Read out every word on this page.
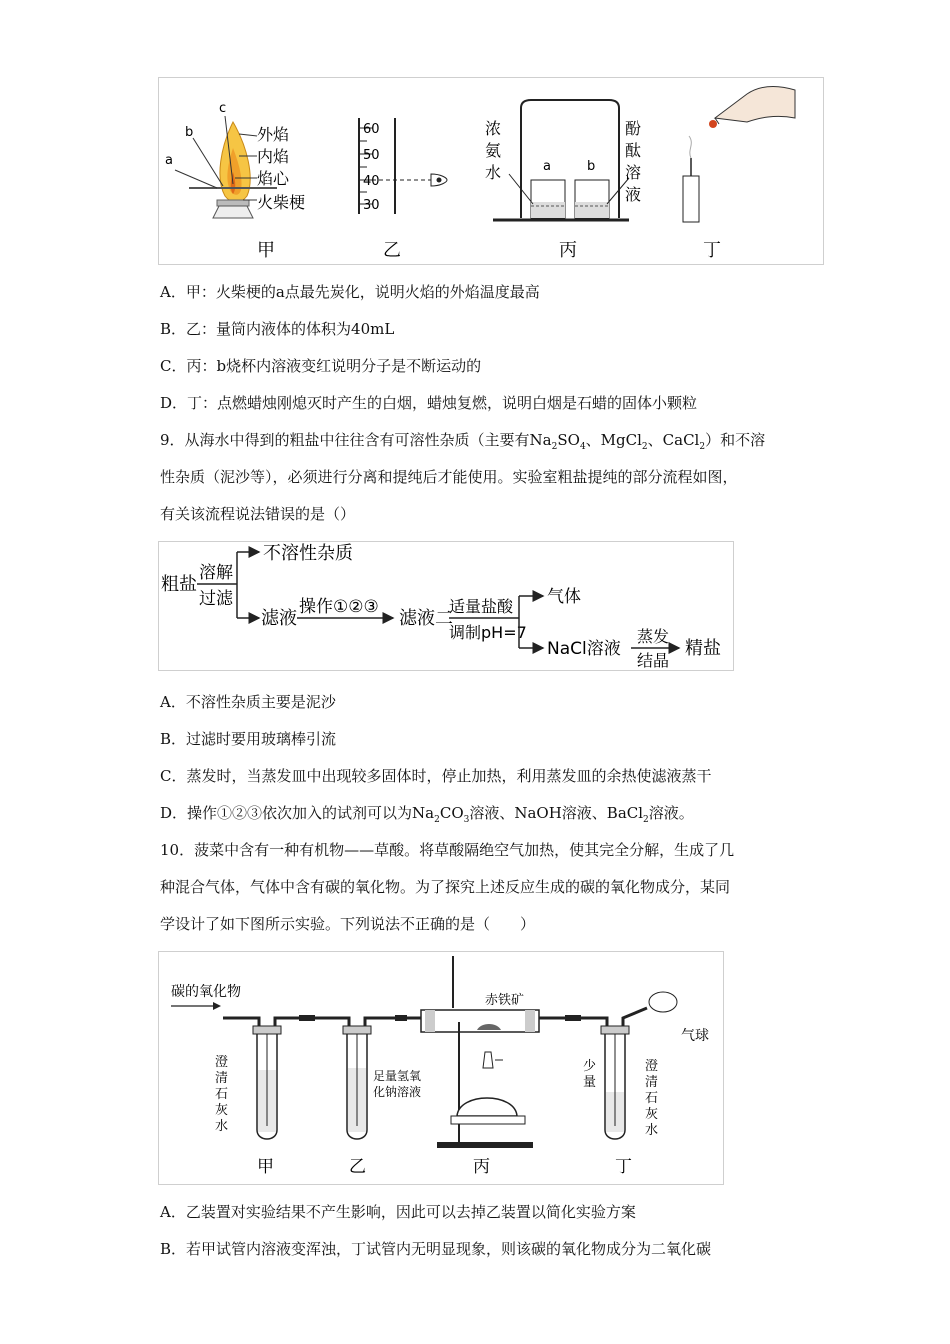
a
b
c
外焰
内焰
焰心
火柴梗
60
50
40
30
浓
氨
水
酚
酞
溶
液
a	b
甲	乙	丙	丁
A．甲：火柴梗的a点最先炭化，说明火焰的外焰温度最高
B．乙：量筒内液体的体积为40mL
C．丙：b烧杯内溶液变红说明分子是不断运动的
D．丁：点燃蜡烛刚熄灭时产生的白烟，蜡烛复燃，说明白烟是石蜡的固体小颗粒
9．从海水中得到的粗盐中往往含有可溶性杂质（主要有$Na_2SO_4$、MgCl$_2$、CaCl$_2$）和不溶
性杂质（泥沙等），必须进行分离和提纯后才能使用。实验室粗盐提纯的部分流程如图，
有关该流程说法错误的是（）
粗盐
溶解
过滤
不溶性杂质
滤液
操作①②③
滤液二
适量盐酸
调制pH=7
气体
NaCl溶液
蒸发
结晶
精盐
A．不溶性杂质主要是泥沙
B．过滤时要用玻璃棒引流
C．蒸发时，当蒸发皿中出现较多固体时，停止加热，利用蒸发皿的余热使滤液蒸干
D．操作①②③依次加入的试剂可以为$Na_2CO_3$溶液、NaOH溶液、BaCl$_2$溶液。
10．菠菜中含有一种有机物——草酸。将草酸隔绝空气加热，使其完全分解，生成了几
种混合气体，气体中含有碳的氧化物。为了探究上述反应生成的碳的氧化物成分，某同
学设计了如下图所示实验。下列说法不正确的是（　　）
碳的氧化物
气球
澄
清
石
灰
水
足 量 氢 氧
化 钠 溶 液
赤铁矿
少
量
澄
清
石
灰
水
甲	乙	丙	丁
A．乙装置对实验结果不产生影响，因此可以去掉乙装置以简化实验方案
B．若甲试管内溶液变浑浊，丁试管内无明显现象，则该碳的氧化物成分为二氧化碳
